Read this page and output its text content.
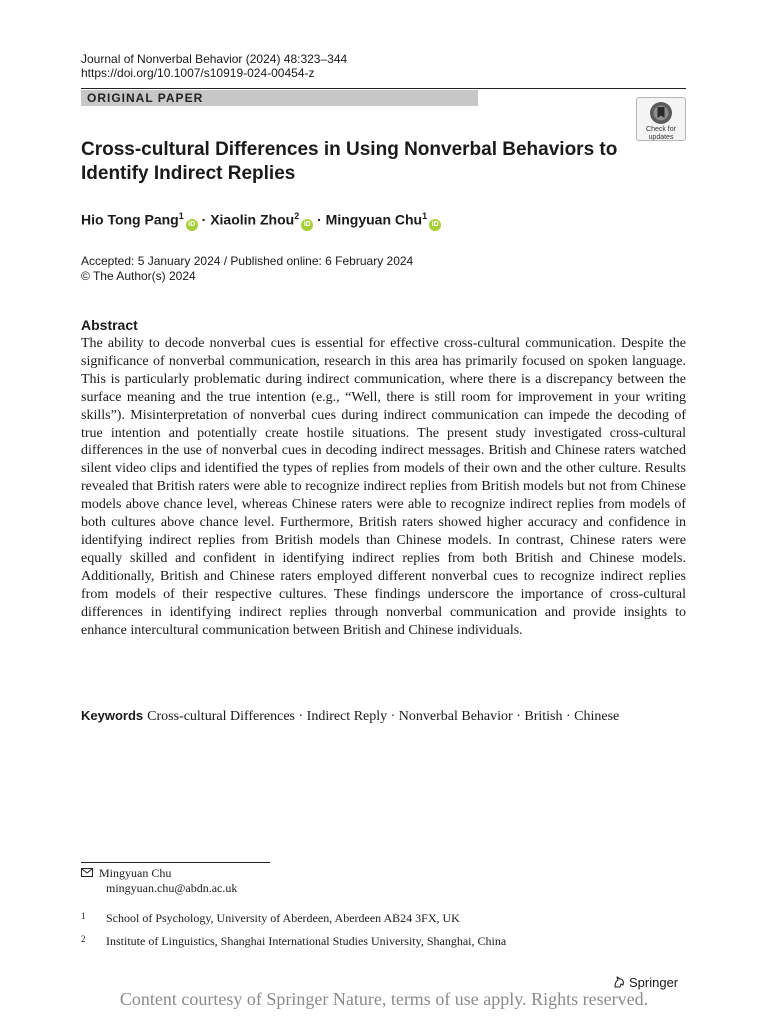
Journal of Nonverbal Behavior (2024) 48:323–344
https://doi.org/10.1007/s10919-024-00454-z
ORIGINAL PAPER
Check for
updates
Cross-cultural Differences in Using Nonverbal Behaviors to
Identify Indirect Replies
Hio Tong Pang$^1$iD · Xiaolin Zhou$^2$iD · Mingyuan Chu$^1$iD
Accepted: 5 January 2024 / Published online: 6 February 2024
© The Author(s) 2024
Abstract
The ability to decode nonverbal cues is essential for effective cross-cultural communication. Despite the significance of nonverbal communication, research in this area has primarily focused on spoken language. This is particularly problematic during indirect communication, where there is a discrepancy between the surface meaning and the true intention (e.g., “Well, there is still room for improvement in your writing skills”). Misinterpretation of nonverbal cues during indirect communication can impede the decoding of true intention and potentially create hostile situations. The present study investigated cross-cultural differences in the use of nonverbal cues in decoding indirect messages. British and Chinese raters watched silent video clips and identified the types of replies from models of their own and the other culture. Results revealed that British raters were able to recognize indirect replies from British models but not from Chinese models above chance level, whereas Chinese raters were able to recognize indirect replies from models of both cultures above chance level. Furthermore, British raters showed higher accuracy and confidence in identifying indirect replies from British models than Chinese models. In contrast, Chinese raters were equally skilled and confident in identifying indirect replies from both British and Chinese models. Additionally, British and Chinese raters employed different nonverbal cues to recognize indirect replies from models of their respective cultures. These findings underscore the importance of cross-cultural differences in identifying indirect replies through nonverbal communication and provide insights to enhance intercultural communication between British and Chinese individuals.
Keywords Cross-cultural Differences · Indirect Reply · Nonverbal Behavior · British · Chinese
Mingyuan Chu
mingyuan.chu@abdn.ac.uk
1 School of Psychology, University of Aberdeen, Aberdeen AB24 3FX, UK
2 Institute of Linguistics, Shanghai International Studies University, Shanghai, China
Springer
Content courtesy of Springer Nature, terms of use apply. Rights reserved.
